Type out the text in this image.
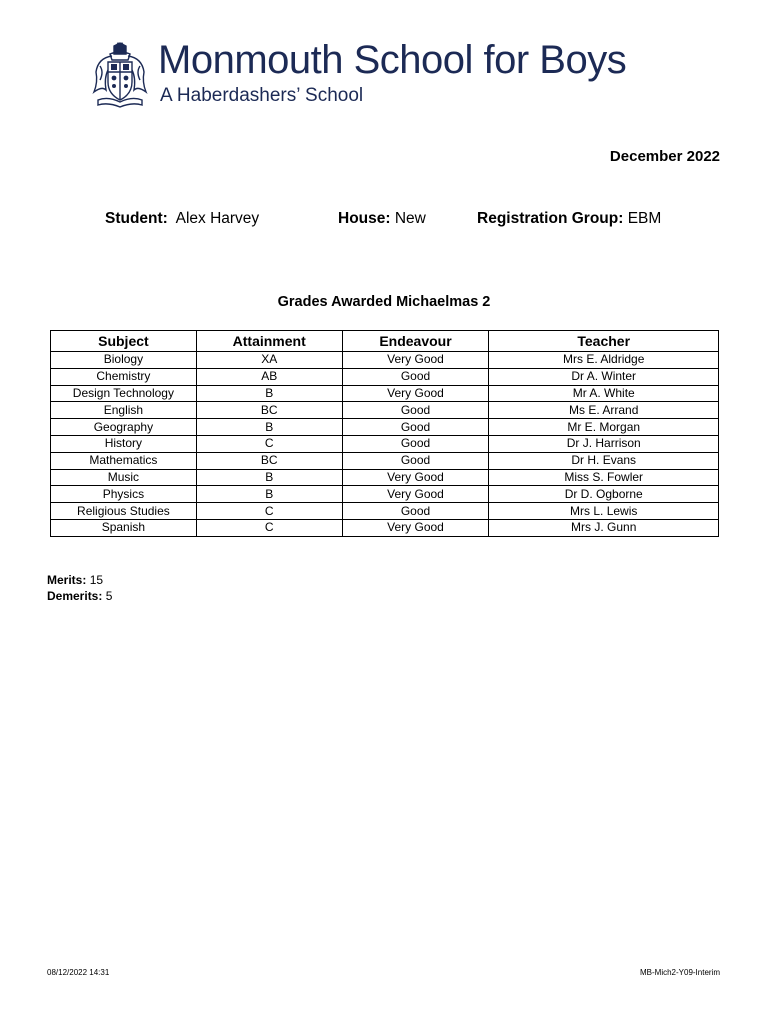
Monmouth School for Boys
A Haberdashers’ School
December 2022
Student: Alex Harvey	House: New	Registration Group: EBM
Grades Awarded Michaelmas 2
Subject	Attainment	Endeavour	Teacher
Biology	XA	Very Good	Mrs E. Aldridge
Chemistry	AB	Good	Dr A. Winter
Design Technology	B	Very Good	Mr A. White
English	BC	Good	Ms E. Arrand
Geography	B	Good	Mr E. Morgan
History	C	Good	Dr J. Harrison
Mathematics	BC	Good	Dr H. Evans
Music	B	Very Good	Miss S. Fowler
Physics	B	Very Good	Dr D. Ogborne
Religious Studies	C	Good	Mrs L. Lewis
Spanish	C	Very Good	Mrs J. Gunn
Merits: 15
Demerits: 5
08/12/2022 14:31	MB-Mich2-Y09-Interim
